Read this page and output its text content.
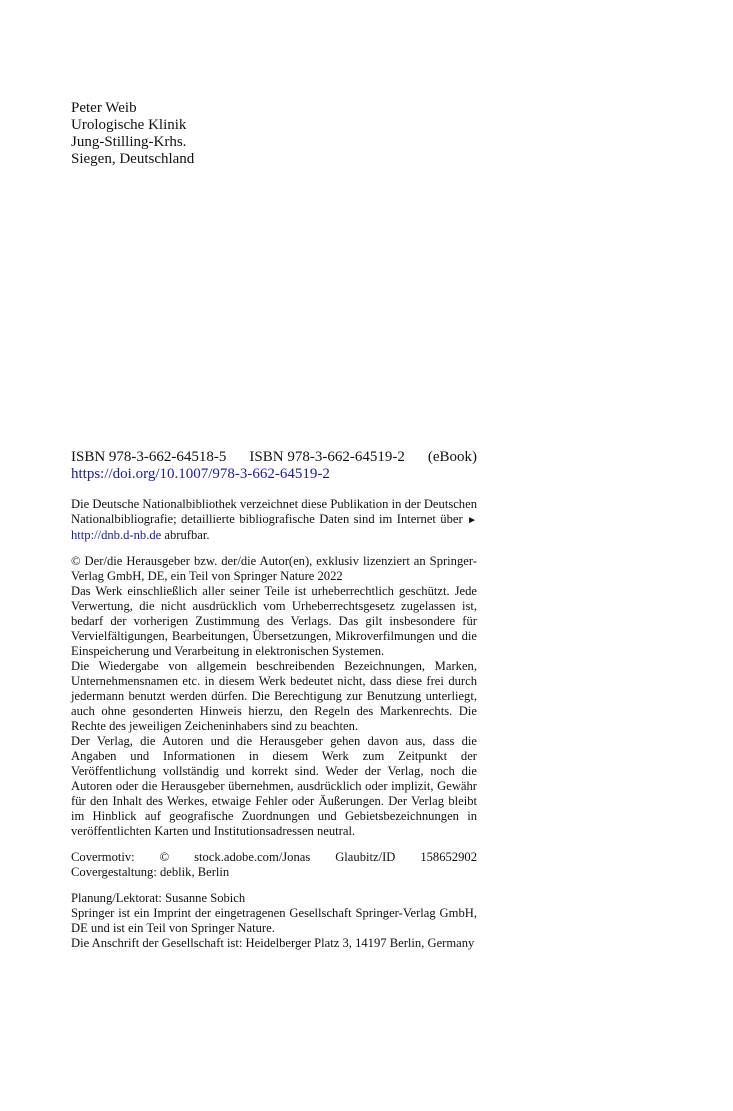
Peter Weib
Urologische Klinik
Jung-Stilling-Krhs.
Siegen, Deutschland
ISBN 978-3-662-64518-5 ISBN 978-3-662-64519-2 (eBook)
https://doi.org/10.1007/978-3-662-64519-2
Die Deutsche Nationalbibliothek verzeichnet diese Publikation in der Deutschen Nationalbibliografie; detaillierte bibliografische Daten sind im Internet über ► http://dnb.d-nb.de abrufbar.
© Der/die Herausgeber bzw. der/die Autor(en), exklusiv lizenziert an Springer-Verlag GmbH, DE, ein Teil von Springer Nature 2022
Das Werk einschließlich aller seiner Teile ist urheberrechtlich geschützt. Jede Verwertung, die nicht ausdrücklich vom Urheberrechtsgesetz zugelassen ist, bedarf der vorherigen Zustimmung des Verlags. Das gilt insbesondere für Vervielfältigungen, Bearbeitungen, Übersetzungen, Mikroverfilmungen und die Einspeicherung und Verarbeitung in elektronischen Systemen.
Die Wiedergabe von allgemein beschreibenden Bezeichnungen, Marken, Unternehmensnamen etc. in diesem Werk bedeutet nicht, dass diese frei durch jedermann benutzt werden dürfen. Die Berechtigung zur Benutzung unterliegt, auch ohne gesonderten Hinweis hierzu, den Regeln des Markenrechts. Die Rechte des jeweiligen Zeicheninhabers sind zu beachten.
Der Verlag, die Autoren und die Herausgeber gehen davon aus, dass die Angaben und Informationen in diesem Werk zum Zeitpunkt der Veröffentlichung vollständig und korrekt sind. Weder der Verlag, noch die Autoren oder die Herausgeber übernehmen, ausdrücklich oder implizit, Gewähr für den Inhalt des Werkes, etwaige Fehler oder Äußerungen. Der Verlag bleibt im Hinblick auf geografische Zuordnungen und Gebietsbezeichnungen in veröffentlichten Karten und Institutionsadressen neutral.
Covermotiv: © stock.adobe.com/Jonas Glaubitz/ID 158652902
Covergestaltung: deblik, Berlin
Planung/Lektorat: Susanne Sobich
Springer ist ein Imprint der eingetragenen Gesellschaft Springer-Verlag GmbH, DE und ist ein Teil von Springer Nature.
Die Anschrift der Gesellschaft ist: Heidelberger Platz 3, 14197 Berlin, Germany
